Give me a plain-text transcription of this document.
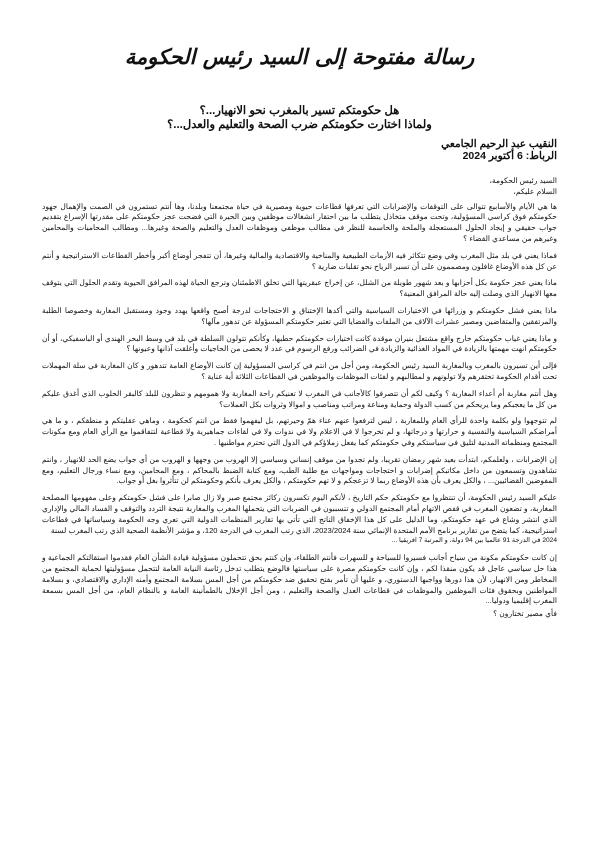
رسالة مفتوحة إلى السيد رئيس الحكومة
هل حكومتكم تسير بالمغرب نحو الانهيار...؟
ولماذا اختارت حكومتكم ضرب الصحة والتعليم والعدل...؟
النقيب عبد الرحيم الجامعي
الرباط: 6 أكتوبر 2024
السيد رئيس الحكومة،
السلام عليكم،

ها هي الأيام والأسابيع تتوالى على التوقفات والإضرابات التي تعرفها قطاعات حيوية ومصيرية في حياة مجتمعنا وبلدنا، وها أنتم تستمرون في الصمت والإهمال جهود حكومتكم فوق كراسي المسؤولية، وتحت موقف متخاذل يتطلب ما بين احتقار انشغالات موظفين وبين الحيرة التي فضحت عجز حكومتكم على مقدرتها الإسراع بتقديم جواب حقيقي و إيجاد الحلول المستعجلة والملحة والحاسمة للنظر في مطالب موظفي وموظفات العدل والتعليم والصحة وغيرها... ومطالب المحاميات والمحامين وغيرهم من مساعدي القضاء ؟

فماذا يعني في بلد مثل المغرب وفي وضع تتكاثر فيه الأزمات الطبيعية والمناخية والاقتصادية والمالية وغيرها، أن تتفجر أوضاع أكبر وأخطر القطاعات الاستراتيجية و أنتم عن كل هذه الأوضاع غافلون ومصممون على أن تسير الرياح نحو تقلبات ضارية ؟

ماذا يعني عجز حكومة بكل أحزابها و بعد شهور طويلة من الشلل، عن إخراج عبقريتها التي تخلق الاطمئنان وترجع الحياة لهذه المرافق الحيوية وتقدم الحلول التي يتوقف معها الانهيار الذي وصلت إليه حالة المرافق المعنية؟

ماذا يعني فشل حكومتكم و وزرائها في الاختيارات السياسية والتي أكدها الإختناق و الاحتجاجات لدرجة أصبح واقعها يهدد وجود ومستقبل المغاربة وخصوصا الطلبة والمرتفقين والمتقاضين ومصير عشرات الآلاف من الملفات والقضايا التي تعتبر حكومتكم المسؤولة عن تدهور مآلها؟

و ماذا يعني غياب حكومتكم خارج واقع مشتعل بنيران موقدة كانت اختيارات حكومتكم حطبها، وكأنكم تتولون السلطة في بلد في وسط البحر الهندي أو الباسفيكي، أو أن حكومتكم انهت مهمتها بالزيادة في المواد الغذائية والزيادة في الضرائب ورفع الرسوم في عدد لا يحصى من الحاجيات وأغلقت آذانها وعيونها ؟

فإلى أين تسيرون بالمغرب وبالمغاربة السيد رئيس الحكومة، ومن أجل من انتم في كراسي المسؤولية إن كانت الأوضاع العامة تتدهور و كان المغاربة في سلة المهملات تحت أقدام الحكومة تحتقرهم ولا تولونهم و لمطالبهم و لفئات الموظفات والموظفين في القطاعات الثلاثة أية عناية ؟

وهل أنتم مغاربة أم أعداء المغاربة ؟ وكيف لكم أن تتصرفوا كالأجانب في المغرب لا تعنيكم راحة المغاربة ولا همومهم و تنظرون للبلد كالبقر الحلوب الذي أغدق عليكم من كل ما يعجبكم وما يريحكم من كسب الدولة وحماية ومناعة ومراتب ومناصب و اموالا وثروات بكل العملات؟

لم تتوجهوا ولو بكلمة واحدة للرأي العام وللمغاربة ، ليس لترفعوا عنهم عناء همّ وحيرتهم، بل ليفهموا فقط من انتم كحكومة ، وماهي عقليتكم و منطقكم ، و ما هي أمراضكم السياسية والنفسية و حرارتها و درجاتها، و لم تخرجوا لا في الاعلام ولا في ندوات ولا في لقاءات جماهيرية ولا قطاعية لتتفاقموا مع الرأي العام ومع مكونات المجتمع ومنظماته المدنية لتليق في سياستكم وفي حكومتكم كما يفعل زملاؤكم في الدول التي تحترم مواطنيها .

إن الإضرابات ، ولعلمكم، ابتدأت بعيد شهر رمضان تقريبا، ولم تجدوا من موقف إنساني وسياسي إلا الهروب من وجهها و الهروب من أي جواب يضع الحد للانهيار ، وانتم تشاهدون وتسمعون من داخل مكاتبكم إضرابات و احتجاجات ومواجهات مع طلبة الطب، ومع كتابة الضبط بالمحاكم ، ومع المحامين، ومع نساء ورجال التعليم، ومع المفوضين القضائيين... ، والكل يعرف بأن هذه الأوضاع ربما لا تزعجكم و لا تهم حكومتكم ، والكل يعرف بأنكم وحكومتكم لن تتأثروا بغل أو جواب.

عليكم السيد رئيس الحكومة، أن تنتظروا مع حكومتكم حكم التاريخ ، لأنكم اليوم تكسرون ركائز مجتمع صبر ولا زال صابرا على فشل حكومتكم وعلى مفهومها المصلحة المغاربة، و تضعون المغرب في قفص الاتهام أمام المجتمع الدولي و تتسببون في الضربات التي يتحملها المغرب والمغاربة نتيجة التردد والتوقف و الفساد المالي والإداري الذي انتشر وشاع في عهد حكومتكم، وما الدليل على كل هذا الإخفاق الناتج التي تأتي بها تقارير المنظمات الدولية التي تعري وجه الحكومة وسياساتها في قطاعات استراتيجية، كما يتضح من تقارير برنامج الأمم المتحدة الإنمائي سنة 2023/2024، الذي رتب المغرب في الدرجة 120، و مؤشر الأنظمة الصحية الذي رتب المغرب لسنة

2024 في الدرجة 91 عالميا بين 94 دولة، و المرتبة 7 افريقيا ...

إن كانت حكومتكم مكونة من سياح أجانب فسيروا للسياحة و للسهرات فأنتم الطلقاء، وإن كنتم بحق تتحملون مسؤولية قيادة الشأن العام فقدموا استقالتكم الجماعية و هذا حل سياسي عاجل قد يكون منقذا لكم ، وإن كانت حكومتكم مصرة على سياستها فالوضع يتطلب تدخل رئاسة النيابة العامة لتتحمل مسؤوليتها لحماية المجتمع من المخاطر ومن الانهيار، لأن هذا دورها وواجبها الدستوري، و عليها أن تأمر بفتح تحقيق ضد حكومتكم من أجل المس بسلامة المجتمع وأمنه الإداري والاقتصادي، و بسلامة المواطنين وبحقوق فئات الموظفين والموظفات في قطاعات العدل والصحة والتعليم ، ومن أجل الإخلال بالطمأنينة العامة و بالنظام العام، من أجل المس بسمعة المغرب إقليميا ودوليا...

فأي مصير تختارون ؟
